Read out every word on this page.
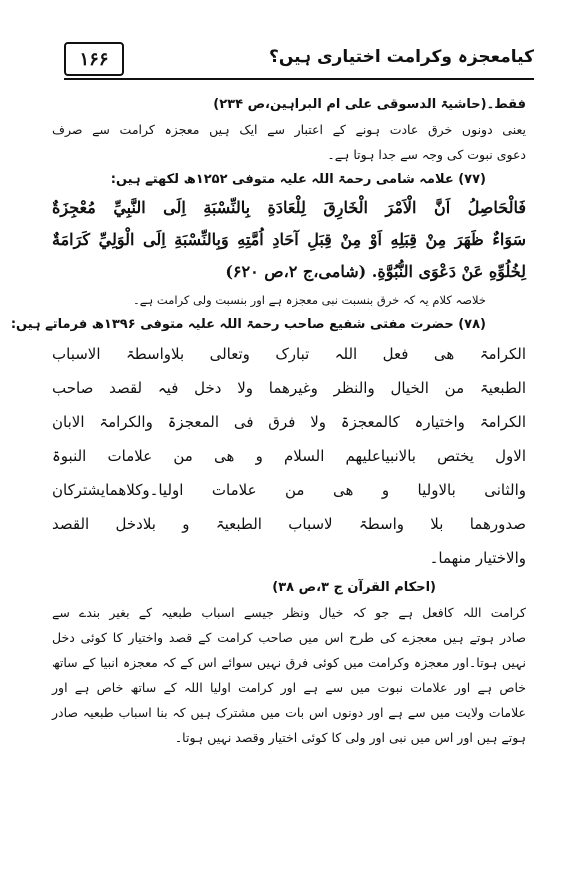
۱۶۶	کیامعجزہ وکرامت اختیاری ہیں؟
فقط۔(حاشیۃ الدسوقی علی ام البراہین،ص ۲۳۴)
یعنی دونوں خرق عادت ہونے کے اعتبار سے ایک ہیں معجزہ کرامت سے صرف
دعوی نبوت کی وجہ سے جدا ہوتا ہے۔
(۷۷) علامہ شامی رحمۃ اللہ علیہ متوفی ۱۲۵۲ھ لکھتے ہیں:
فَالْحَاصِلُ اَنَّ الْاَمْرَ الْخَارِقَ لِلْعَادَةِ بِالنِّسْبَةِ اِلَى النَّبِيِّ مُعْجِزَةٌ
سَوَاءٌ ظَهَرَ مِنْ قِبَلِهِ اَوْ مِنْ قِبَلِ آحَادِ اُمَّتِهِ وَبِالنِّسْبَةِ اِلَى الْوَلِيِّ كَرَامَةٌ
لِخُلُوِّهِ عَنْ دَعْوَى النُّبُوَّةِ. (شامی،ج ۲،ص ۶۲۰)
خلاصہ کلام یہ کہ خرق بنسبت نبی معجزہ ہے اور بنسبت ولی کرامت ہے۔
(۷۸) حضرت مفتی شفیع صاحب رحمۃ اللہ علیہ متوفی ۱۳۹۶ھ فرماتے ہیں:
الکرامۃ ھی فعل اللہ تبارک وتعالی بلاواسطۃ الاسباب
الطبعیۃ من الخیال والنظر وغیرھما ولا دخل فیہ لقصد صاحب
الکرامۃ واختیارہ کالمعجزۃ ولا فرق فی المعجزۃ والکرامۃ الابان
الاول یختص بالانبیاعلیھم السلام و ھی من علامات النبوۃ
والثانی بالاولیا و ھی من علامات اولیا۔وکلاھمایشترکان
صدورھما بلا واسطۃ لاسباب الطبعیۃ و بلادخل القصد
والاختیار منھما۔
(احکام القرآن ج ۳،ص ۳۸)
کرامت اللہ کافعل ہے جو کہ خیال ونظر جیسے اسباب طبعیہ کے بغیر بندے سے
صادر ہوتے ہیں معجزے کی طرح اس میں صاحب کرامت کے قصد واختیار کا کوئی دخل
نہیں ہوتا۔اور معجزہ وکرامت میں کوئی فرق نہیں سوائے اس کے کہ معجزہ انبیا کے ساتھ
خاص ہے اور علامات نبوت میں سے ہے اور کرامت اولیا اللہ کے ساتھ خاص ہے اور
علامات ولایت میں سے ہے اور دونوں اس بات میں مشترک ہیں کہ بنا اسباب طبعیہ صادر
ہوتے ہیں اور اس میں نبی اور ولی کا کوئی اختیار وقصد نہیں ہوتا۔
